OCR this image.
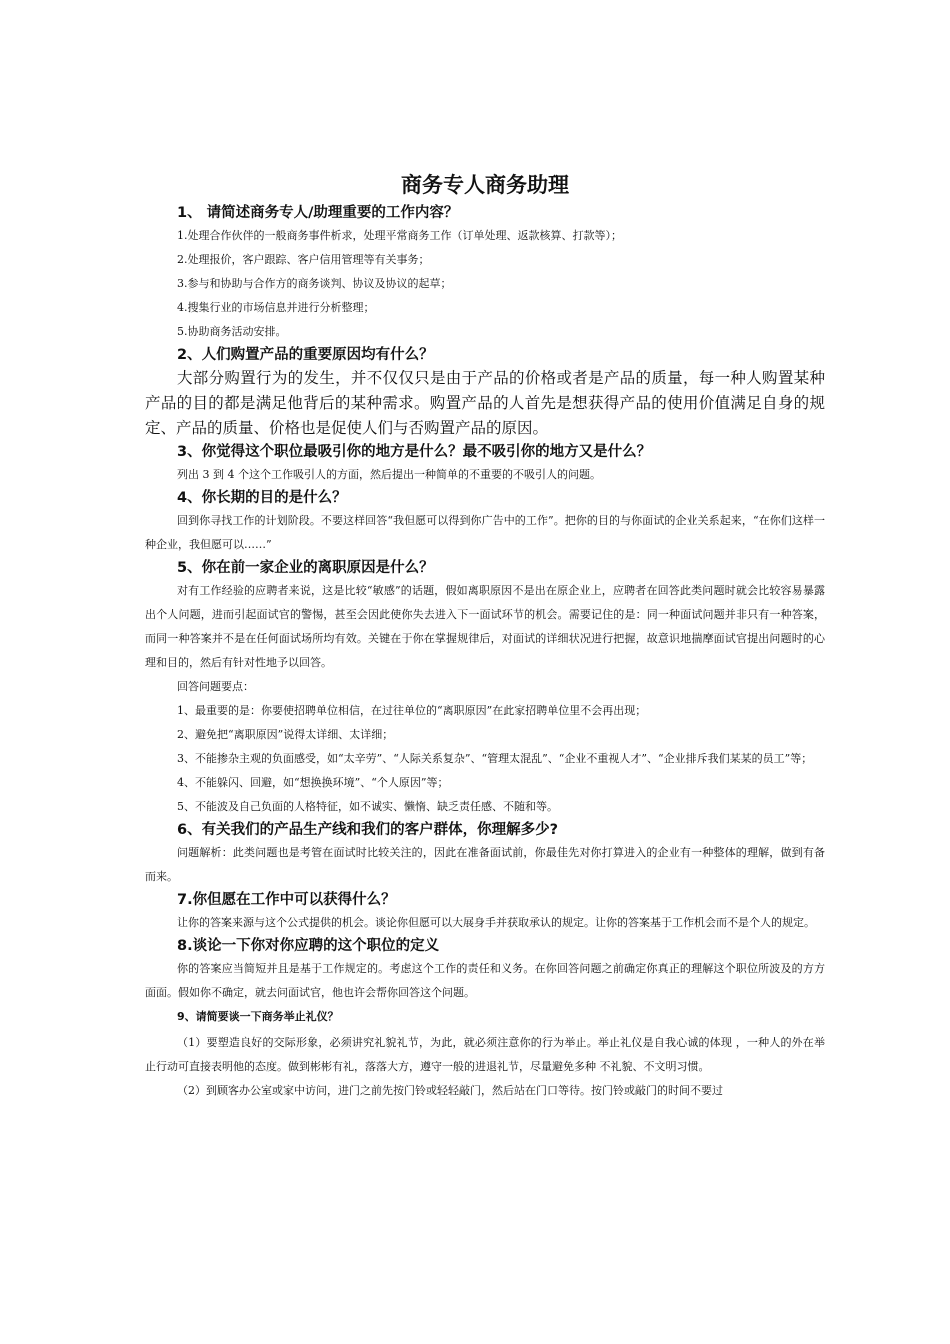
商务专人商务助理
1、 请简述商务专人/助理重要的工作内容？
1.处理合作伙伴的一般商务事件析求，处理平常商务工作（订单处理、返款核算、打款等）；
2.处理报价，客户跟踪、客户信用管理等有关事务；
3.参与和协助与合作方的商务谈判、协议及协议的起草；
4.搜集行业的市场信息并进行分析整理；
5.协助商务活动安排。
2、人们购置产品的重要原因均有什么？
大部分购置行为的发生，并不仅仅只是由于产品的价格或者是产品的质量，每一种人购置某种产品的目的都是满足他背后的某种需求。购置产品的人首先是想获得产品的使用价值满足自身的规定、产品的质量、价格也是促使人们与否购置产品的原因。
3、你觉得这个职位最吸引你的地方是什么？最不吸引你的地方又是什么？
列出 3 到 4 个这个工作吸引人的方面，然后提出一种简单的不重要的不吸引人的问题。
4、你长期的目的是什么？
回到你寻找工作的计划阶段。不要这样回答“我但愿可以得到你广告中的工作”。把你的目的与你面试的企业关系起来，“在你们这样一种企业，我但愿可以……”
5、你在前一家企业的离职原因是什么？
对有工作经验的应聘者来说，这是比较“敏感”的话题，假如离职原因不是出在原企业上，应聘者在回答此类问题时就会比较容易暴露出个人问题，进而引起面试官的警惕，甚至会因此使你失去进入下一面试环节的机会。需要记住的是：同一种面试问题并非只有一种答案，而同一种答案并不是在任何面试场所均有效。关键在于你在掌握规律后，对面试的详细状况进行把握，故意识地揣摩面试官提出问题时的心理和目的，然后有针对性地予以回答。
回答问题要点：
1、最重要的是：你要使招聘单位相信，在过往单位的“离职原因”在此家招聘单位里不会再出现；
2、避免把“离职原因”说得太详细、太详细；
3、不能掺杂主观的负面感受，如“太辛劳”、“人际关系复杂”、“管理太混乱”、“企业不重视人才”、“企业排斥我们某某的员工”等；
4、不能躲闪、回避，如“想换换环境”、“个人原因”等；
5、不能波及自己负面的人格特征，如不诚实、懒惰、缺乏责任感、不随和等。
6、有关我们的产品生产线和我们的客户群体，你理解多少?
问题解析：此类问题也是考管在面试时比较关注的，因此在准备面试前，你最佳先对你打算进入的企业有一种整体的理解，做到有备而来。
7.你但愿在工作中可以获得什么？
让你的答案来源与这个公式提供的机会。谈论你但愿可以大展身手并获取承认的规定。让你的答案基于工作机会而不是个人的规定。
8.谈论一下你对你应聘的这个职位的定义
你的答案应当简短并且是基于工作规定的。考虑这个工作的责任和义务。在你回答问题之前确定你真正的理解这个职位所波及的方方面面。假如你不确定，就去问面试官，他也许会帮你回答这个问题。
9、请简要谈一下商务举止礼仪？
（1）要塑造良好的交际形象，必须讲究礼貌礼节，为此，就必须注意你的行为举止。举止礼仪是自我心诚的体现 ，一种人的外在举止行动可直接表明他的态度。做到彬彬有礼，落落大方，遵守一般的进退礼节，尽量避免多种 不礼貌、不文明习惯。
（2）到顾客办公室或家中访问，进门之前先按门铃或轻轻敲门，然后站在门口等待。按门铃或敲门的时间不要过
